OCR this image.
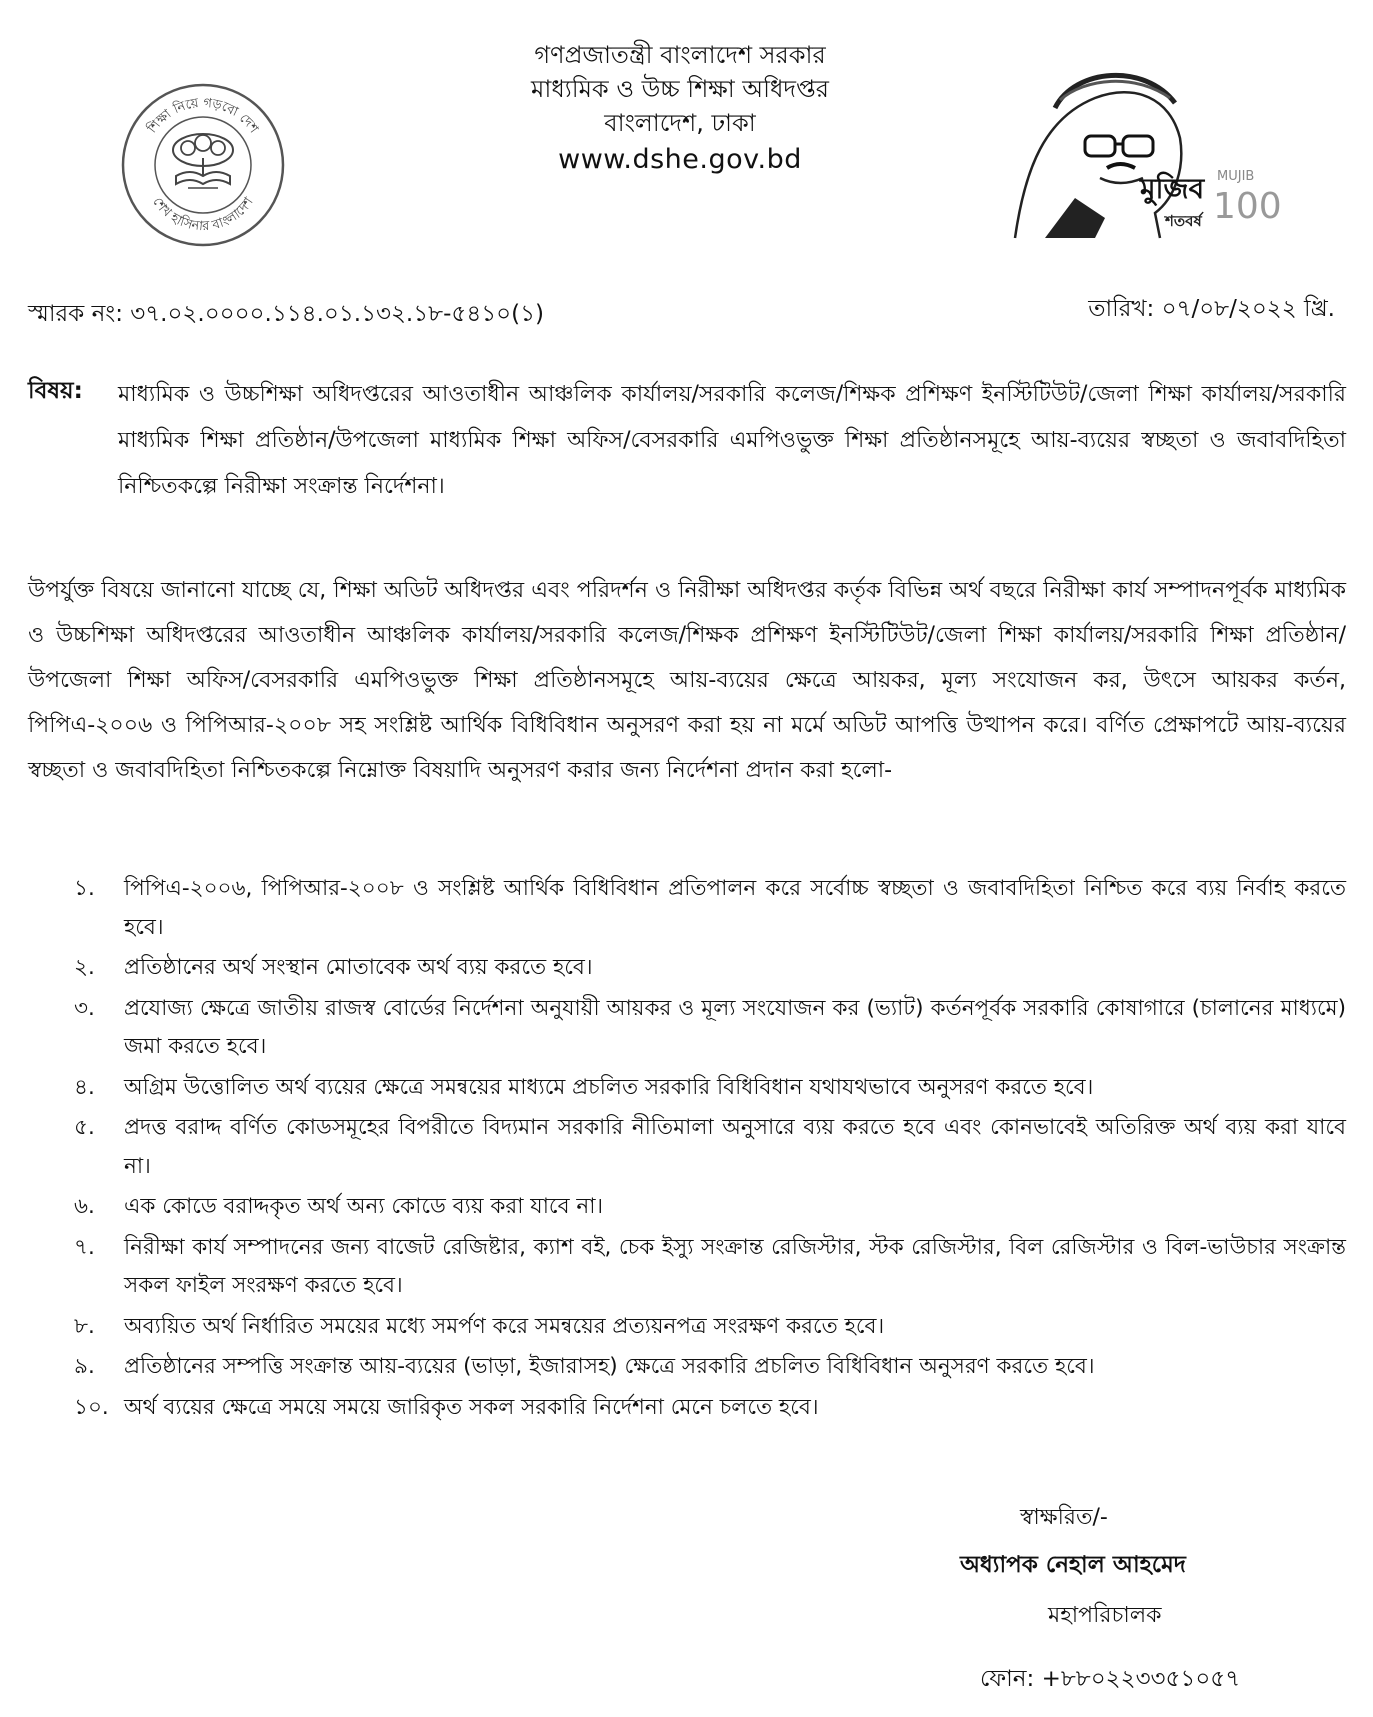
শিক্ষা নিয়ে গড়বো দেশ
শেখ হাসিনার বাংলাদেশ
গণপ্রজাতন্ত্রী বাংলাদেশ সরকার
মাধ্যমিক ও উচ্চ শিক্ষা অধিদপ্তর
বাংলাদেশ, ঢাকা
www.dshe.gov.bd
মুজিব
শতবর্ষ
MUJIB
100
স্মারক নং: ৩৭.০২.০০০০.১১৪.০১.১৩২.১৮-৫৪১০(১)	তারিখ: ০৭/০৮/২০২২ খ্রি.
বিষয়: মাধ্যমিক ও উচ্চশিক্ষা অধিদপ্তরের আওতাধীন আঞ্চলিক কার্যালয়/সরকারি কলেজ/শিক্ষক প্রশিক্ষণ ইনস্টিটিউট/জেলা শিক্ষা কার্যালয়/সরকারি মাধ্যমিক শিক্ষা প্রতিষ্ঠান/উপজেলা মাধ্যমিক শিক্ষা অফিস/বেসরকারি এমপিওভুক্ত শিক্ষা প্রতিষ্ঠানসমূহে আয়-ব্যয়ের স্বচ্ছতা ও জবাবদিহিতা নিশ্চিতকল্পে নিরীক্ষা সংক্রান্ত নির্দেশনা।
উপর্যুক্ত বিষয়ে জানানো যাচ্ছে যে, শিক্ষা অডিট অধিদপ্তর এবং পরিদর্শন ও নিরীক্ষা অধিদপ্তর কর্তৃক বিভিন্ন অর্থ বছরে নিরীক্ষা কার্য সম্পাদনপূর্বক মাধ্যমিক ও উচ্চশিক্ষা অধিদপ্তরের আওতাধীন আঞ্চলিক কার্যালয়/সরকারি কলেজ/শিক্ষক প্রশিক্ষণ ইনস্টিটিউট/জেলা শিক্ষা কার্যালয়/সরকারি শিক্ষা প্রতিষ্ঠান/উপজেলা শিক্ষা অফিস/বেসরকারি এমপিওভুক্ত শিক্ষা প্রতিষ্ঠানসমূহে আয়-ব্যয়ের ক্ষেত্রে আয়কর, মূল্য সংযোজন কর, উৎসে আয়কর কর্তন, পিপিএ-২০০৬ ও পিপিআর-২০০৮ সহ সংশ্লিষ্ট আর্থিক বিধিবিধান অনুসরণ করা হয় না মর্মে অডিট আপত্তি উত্থাপন করে। বর্ণিত প্রেক্ষাপটে আয়-ব্যয়ের স্বচ্ছতা ও জবাবদিহিতা নিশ্চিতকল্পে নিম্নোক্ত বিষয়াদি অনুসরণ করার জন্য নির্দেশনা প্রদান করা হলো-
১. পিপিএ-২০০৬, পিপিআর-২০০৮ ও সংশ্লিষ্ট আর্থিক বিধিবিধান প্রতিপালন করে সর্বোচ্চ স্বচ্ছতা ও জবাবদিহিতা নিশ্চিত করে ব্যয় নির্বাহ করতে হবে।
২. প্রতিষ্ঠানের অর্থ সংস্থান মোতাবেক অর্থ ব্যয় করতে হবে।
৩. প্রযোজ্য ক্ষেত্রে জাতীয় রাজস্ব বোর্ডের নির্দেশনা অনুযায়ী আয়কর ও মূল্য সংযোজন কর (ভ্যাট) কর্তনপূর্বক সরকারি কোষাগারে (চালানের মাধ্যমে) জমা করতে হবে।
৪. অগ্রিম উত্তোলিত অর্থ ব্যয়ের ক্ষেত্রে সমন্বয়ের মাধ্যমে প্রচলিত সরকারি বিধিবিধান যথাযথভাবে অনুসরণ করতে হবে।
৫. প্রদত্ত বরাদ্দ বর্ণিত কোডসমূহের বিপরীতে বিদ্যমান সরকারি নীতিমালা অনুসারে ব্যয় করতে হবে এবং কোনভাবেই অতিরিক্ত অর্থ ব্যয় করা যাবে না।
৬. এক কোডে বরাদ্দকৃত অর্থ অন্য কোডে ব্যয় করা যাবে না।
৭. নিরীক্ষা কার্য সম্পাদনের জন্য বাজেট রেজিষ্টার, ক্যাশ বই, চেক ইস্যু সংক্রান্ত রেজিস্টার, স্টক রেজিস্টার, বিল রেজিস্টার ও বিল-ভাউচার সংক্রান্ত সকল ফাইল সংরক্ষণ করতে হবে।
৮. অব্যয়িত অর্থ নির্ধারিত সময়ের মধ্যে সমর্পণ করে সমন্বয়ের প্রত্যয়নপত্র সংরক্ষণ করতে হবে।
৯. প্রতিষ্ঠানের সম্পত্তি সংক্রান্ত আয়-ব্যয়ের (ভাড়া, ইজারাসহ) ক্ষেত্রে সরকারি প্রচলিত বিধিবিধান অনুসরণ করতে হবে।
১০. অর্থ ব্যয়ের ক্ষেত্রে সময়ে সময়ে জারিকৃত সকল সরকারি নির্দেশনা মেনে চলতে হবে।
স্বাক্ষরিত/-
অধ্যাপক নেহাল আহমেদ
মহাপরিচালক
ফোন: +৮৮০২২৩৩৫১০৫৭
